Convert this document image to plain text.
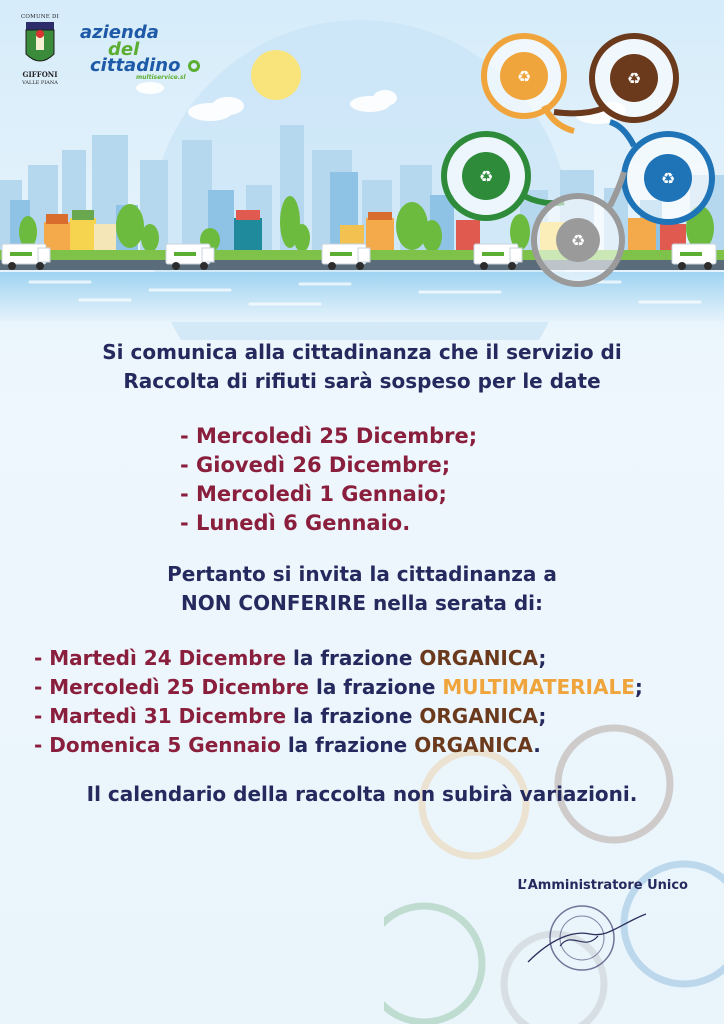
♻	♻
♻
♻
♻
COMUNE DI
GIFFONI
VALLE PIANA
azienda
del
cittadino
multiservice.sl
Si comunica alla cittadinanza che il servizio di
Raccolta di rifiuti sarà sospeso per le date
- Mercoledì 25 Dicembre;
- Giovedì 26 Dicembre;
- Mercoledì 1 Gennaio;
- Lunedì 6 Gennaio.
Pertanto si invita la cittadinanza a
NON CONFERIRE nella serata di:
- Martedì 24 Dicembre la frazione ORGANICA;
- Mercoledì 25 Dicembre la frazione MULTIMATERIALE;
- Martedì 31 Dicembre la frazione ORGANICA;
- Domenica 5 Gennaio la frazione ORGANICA.
Il calendario della raccolta non subirà variazioni.
L’Amministratore Unico
